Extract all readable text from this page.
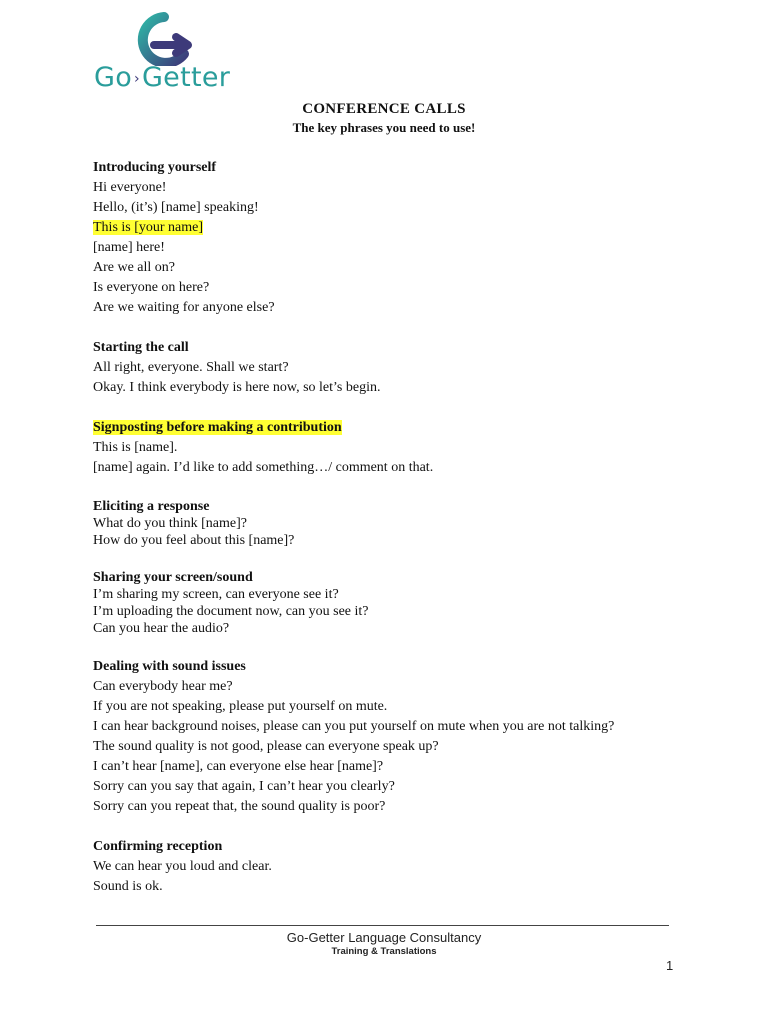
Go ›Getter
CONFERENCE CALLS
The key phrases you need to use!
Introducing yourself
Hi everyone!
Hello, (it’s) [name] speaking!
This is [your name]
[name] here!
Are we all on?
Is everyone on here?
Are we waiting for anyone else?
Starting the call
All right, everyone. Shall we start?
Okay. I think everybody is here now, so let’s begin.
Signposting before making a contribution
This is [name].
[name] again. I’d like to add something…/ comment on that.
Eliciting a response
What do you think [name]?
How do you feel about this [name]?
Sharing your screen/sound
I’m sharing my screen, can everyone see it?
I’m uploading the document now, can you see it?
Can you hear the audio?
Dealing with sound issues
Can everybody hear me?
If you are not speaking, please put yourself on mute.
I can hear background noises, please can you put yourself on mute when you are not talking?
The sound quality is not good, please can everyone speak up?
I can’t hear [name], can everyone else hear [name]?
Sorry can you say that again, I can’t hear you clearly?
Sorry can you repeat that, the sound quality is poor?
Confirming reception
We can hear you loud and clear.
Sound is ok.
Go-Getter Language Consultancy
Training & Translations
1
